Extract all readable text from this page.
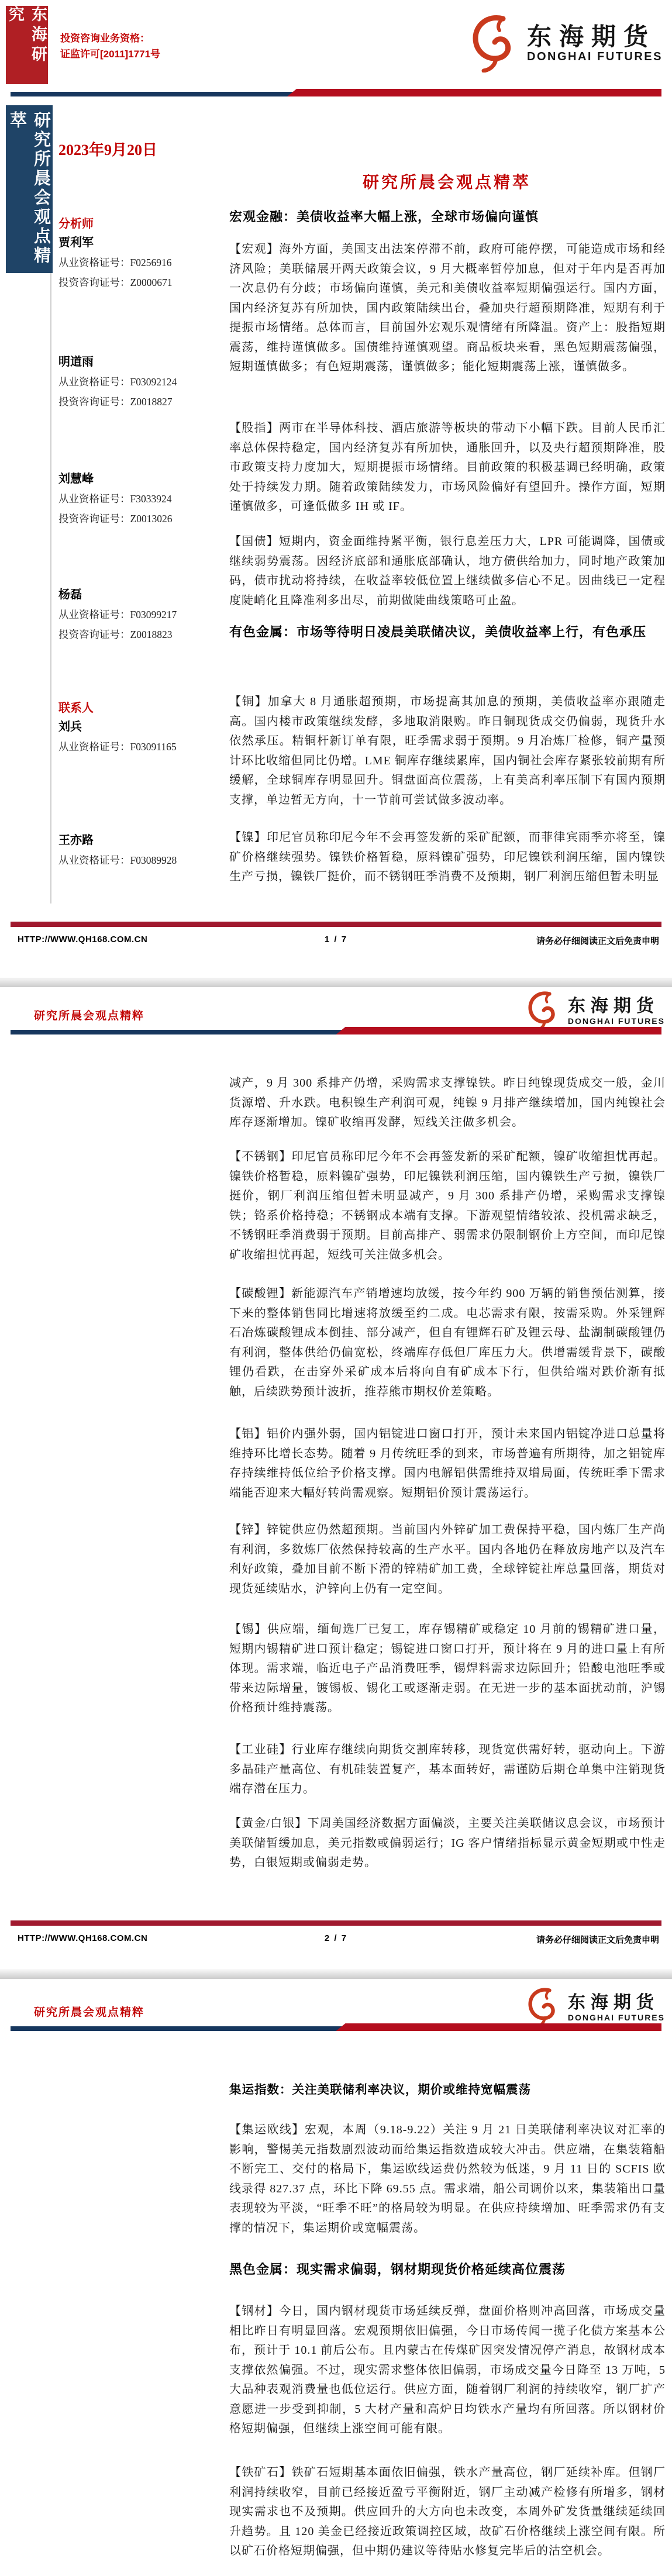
东海研究
投资咨询业务资格：
证监许可[2011]1771号
东海期货
DONGHAI FUTURES
研究所晨会观点精萃
2023年9月20日
研究所晨会观点精萃
分析师
贾利军
从业资格证号：F0256916
投资咨询证号：Z0000671
明道雨
从业资格证号：F03092124
投资咨询证号：Z0018827
刘慧峰
从业资格证号：F3033924
投资咨询证号：Z0013026
杨磊
从业资格证号：F03099217
投资咨询证号：Z0018823
联系人
刘兵
从业资格证号：F03091165
王亦路
从业资格证号：F03089928
宏观金融：美债收益率大幅上涨，全球市场偏向谨慎
【宏观】海外方面，美国支出法案停滞不前，政府可能停摆，可能造成市场和经济风险；美联储展开两天政策会议，9 月大概率暂停加息，但对于年内是否再加一次息仍有分歧；市场偏向谨慎，美元和美债收益率短期偏强运行。国内方面，国内经济复苏有所加快，国内政策陆续出台，叠加央行超预期降准，短期有利于提振市场情绪。总体而言，目前国外宏观乐观情绪有所降温。资产上：股指短期震荡，维持谨慎做多。国债维持谨慎观望。商品板块来看，黑色短期震荡偏强，短期谨慎做多；有色短期震荡，谨慎做多；能化短期震荡上涨，谨慎做多。
【股指】两市在半导体科技、酒店旅游等板块的带动下小幅下跌。目前人民币汇率总体保持稳定，国内经济复苏有所加快，通胀回升，以及央行超预期降准，股市政策支持力度加大，短期提振市场情绪。目前政策的积极基调已经明确，政策处于持续发力期。随着政策陆续发力，市场风险偏好有望回升。操作方面，短期谨慎做多，可逢低做多 IH 或 IF。
【国债】短期内，资金面维持紧平衡，银行息差压力大，LPR 可能调降，国债或继续弱势震荡。因经济底部和通胀底部确认，地方债供给加力，同时地产政策加码，债市扰动将持续，在收益率较低位置上继续做多信心不足。因曲线已一定程度陡峭化且降准利多出尽，前期做陡曲线策略可止盈。
有色金属：市场等待明日凌晨美联储决议，美债收益率上行，有色承压
【铜】加拿大 8 月通胀超预期，市场提高其加息的预期，美债收益率亦跟随走高。国内楼市政策继续发酵，多地取消限购。昨日铜现货成交仍偏弱，现货升水依然承压。精铜杆新订单有限，旺季需求弱于预期。9 月冶炼厂检修，铜产量预计环比收缩但同比仍增。LME 铜库存继续累库，国内铜社会库存紧张较前期有所缓解，全球铜库存明显回升。铜盘面高位震荡，上有美高利率压制下有国内预期支撑，单边暂无方向，十一节前可尝试做多波动率。
【镍】印尼官员称印尼今年不会再签发新的采矿配额，而菲律宾雨季亦将至，镍矿价格继续强势。镍铁价格暂稳，原料镍矿强势，印尼镍铁利润压缩，国内镍铁生产亏损，镍铁厂挺价，而不锈钢旺季消费不及预期，钢厂利润压缩但暂未明显
HTTP://WWW.QH168.COM.CN	1 / 7	请务必仔细阅读正文后免责申明
研究所晨会观点精粹
东海期货
DONGHAI FUTURES
减产，9 月 300 系排产仍增，采购需求支撑镍铁。昨日纯镍现货成交一般，金川货源增、升水跌。电积镍生产利润可观，纯镍 9 月排产继续增加，国内纯镍社会库存逐渐增加。镍矿收缩再发酵，短线关注做多机会。
【不锈钢】印尼官员称印尼今年不会再签发新的采矿配额，镍矿收缩担忧再起。镍铁价格暂稳，原料镍矿强势，印尼镍铁利润压缩，国内镍铁生产亏损，镍铁厂挺价，钢厂利润压缩但暂未明显减产，9 月 300 系排产仍增，采购需求支撑镍铁；铬系价格持稳；不锈钢成本端有支撑。下游观望情绪较浓、投机需求缺乏，不锈钢旺季消费弱于预期。目前高排产、弱需求仍限制钢价上方空间，而印尼镍矿收缩担忧再起，短线可关注做多机会。
【碳酸锂】新能源汽车产销增速均放缓，按今年约 900 万辆的销售预估测算，接下来的整体销售同比增速将放缓至约二成。电芯需求有限，按需采购。外采锂辉石冶炼碳酸锂成本倒挂、部分减产，但自有锂辉石矿及锂云母、盐湖制碳酸锂仍有利润，整体供给仍偏宽松，终端库存低但厂库压力大。供增需缓背景下，碳酸锂仍看跌，在击穿外采矿成本后将向自有矿成本下行，但供给端对跌价渐有抵触，后续跌势预计波折，推荐熊市期权价差策略。
【铝】铝价内强外弱，国内铝锭进口窗口打开，预计未来国内铝锭净进口总量将维持环比增长态势。随着 9 月传统旺季的到来，市场普遍有所期待，加之铝锭库存持续维持低位给予价格支撑。国内电解铝供需维持双增局面，传统旺季下需求端能否迎来大幅好转尚需观察。短期铝价预计震荡运行。
【锌】锌锭供应仍然超预期。当前国内外锌矿加工费保持平稳，国内炼厂生产尚有利润，多数炼厂依然保持较高的生产水平。国内各地仍在释放房地产以及汽车利好政策，叠加目前不断下滑的锌精矿加工费，全球锌锭社库总量回落，期货对现货延续贴水，沪锌向上仍有一定空间。
【锡】供应端，缅甸选厂已复工，库存锡精矿或稳定 10 月前的锡精矿进口量，短期内锡精矿进口预计稳定；锡锭进口窗口打开，预计将在 9 月的进口量上有所体现。需求端，临近电子产品消费旺季，锡焊料需求边际回升；铅酸电池旺季或带来边际增量，镀锡板、锡化工或逐渐走弱。在无进一步的基本面扰动前，沪锡价格预计维持震荡。
【工业硅】行业库存继续向期货交割库转移，现货宽供需好转，驱动向上。下游多晶硅产量高位、有机硅装置复产，基本面转好，需谨防后期仓单集中注销现货端存潜在压力。
【黄金/白银】下周美国经济数据方面偏淡，主要关注美联储议息会议，市场预计美联储暂缓加息，美元指数或偏弱运行；IG 客户情绪指标显示黄金短期或中性走势，白银短期或偏弱走势。
HTTP://WWW.QH168.COM.CN	2 / 7	请务必仔细阅读正文后免责申明
研究所晨会观点精粹
东海期货
DONGHAI FUTURES
集运指数：关注美联储利率决议，期价或维持宽幅震荡
【集运欧线】宏观，本周（9.18-9.22）关注 9 月 21 日美联储利率决议对汇率的影响，警惕美元指数剧烈波动而给集运指数造成较大冲击。供应端，在集装箱船不断完工、交付的格局下，集运欧线运费仍然较为低迷，9 月 11 日的 SCFIS 欧线录得 827.37 点，环比下降 69.55 点。需求端，船公司调价以来，集装箱出口量表现较为平淡，“旺季不旺”的格局较为明显。在供应持续增加、旺季需求仍有支撑的情况下，集运期价或宽幅震荡。
黑色金属：现实需求偏弱，钢材期现货价格延续高位震荡
【钢材】今日，国内钢材现货市场延续反弹，盘面价格则冲高回落，市场成交量相比昨日有明显回落。宏观预期依旧偏强，今日市场传闻一揽子化债方案基本公布，预计于 10.1 前后公布。且内蒙古在传煤矿因突发情况停产消息，故钢材成本支撑依然偏强。不过，现实需求整体依旧偏弱，市场成交量今日降至 13 万吨，5 大品种表观消费量也低位运行。供应方面，随着钢厂利润的持续收窄，钢厂扩产意愿进一步受到抑制，5 大材产量和高炉日均铁水产量均有所回落。所以钢材价格短期偏强，但继续上涨空间可能有限。
【铁矿石】铁矿石短期基本面依旧偏强，铁水产量高位，钢厂延续补库。但钢厂利润持续收窄，目前已经接近盈亏平衡附近，钢厂主动减产检修有所增多，钢材现实需求也不及预期。供应回升的大方向也未改变，本周外矿发货量继续延续回升趋势。且 120 美金已经接近政策调控区域，故矿石价格继续上涨空间有限。所以矿石价格短期偏强，但中期仍建议等待贴水修复完毕后的沽空机会。
